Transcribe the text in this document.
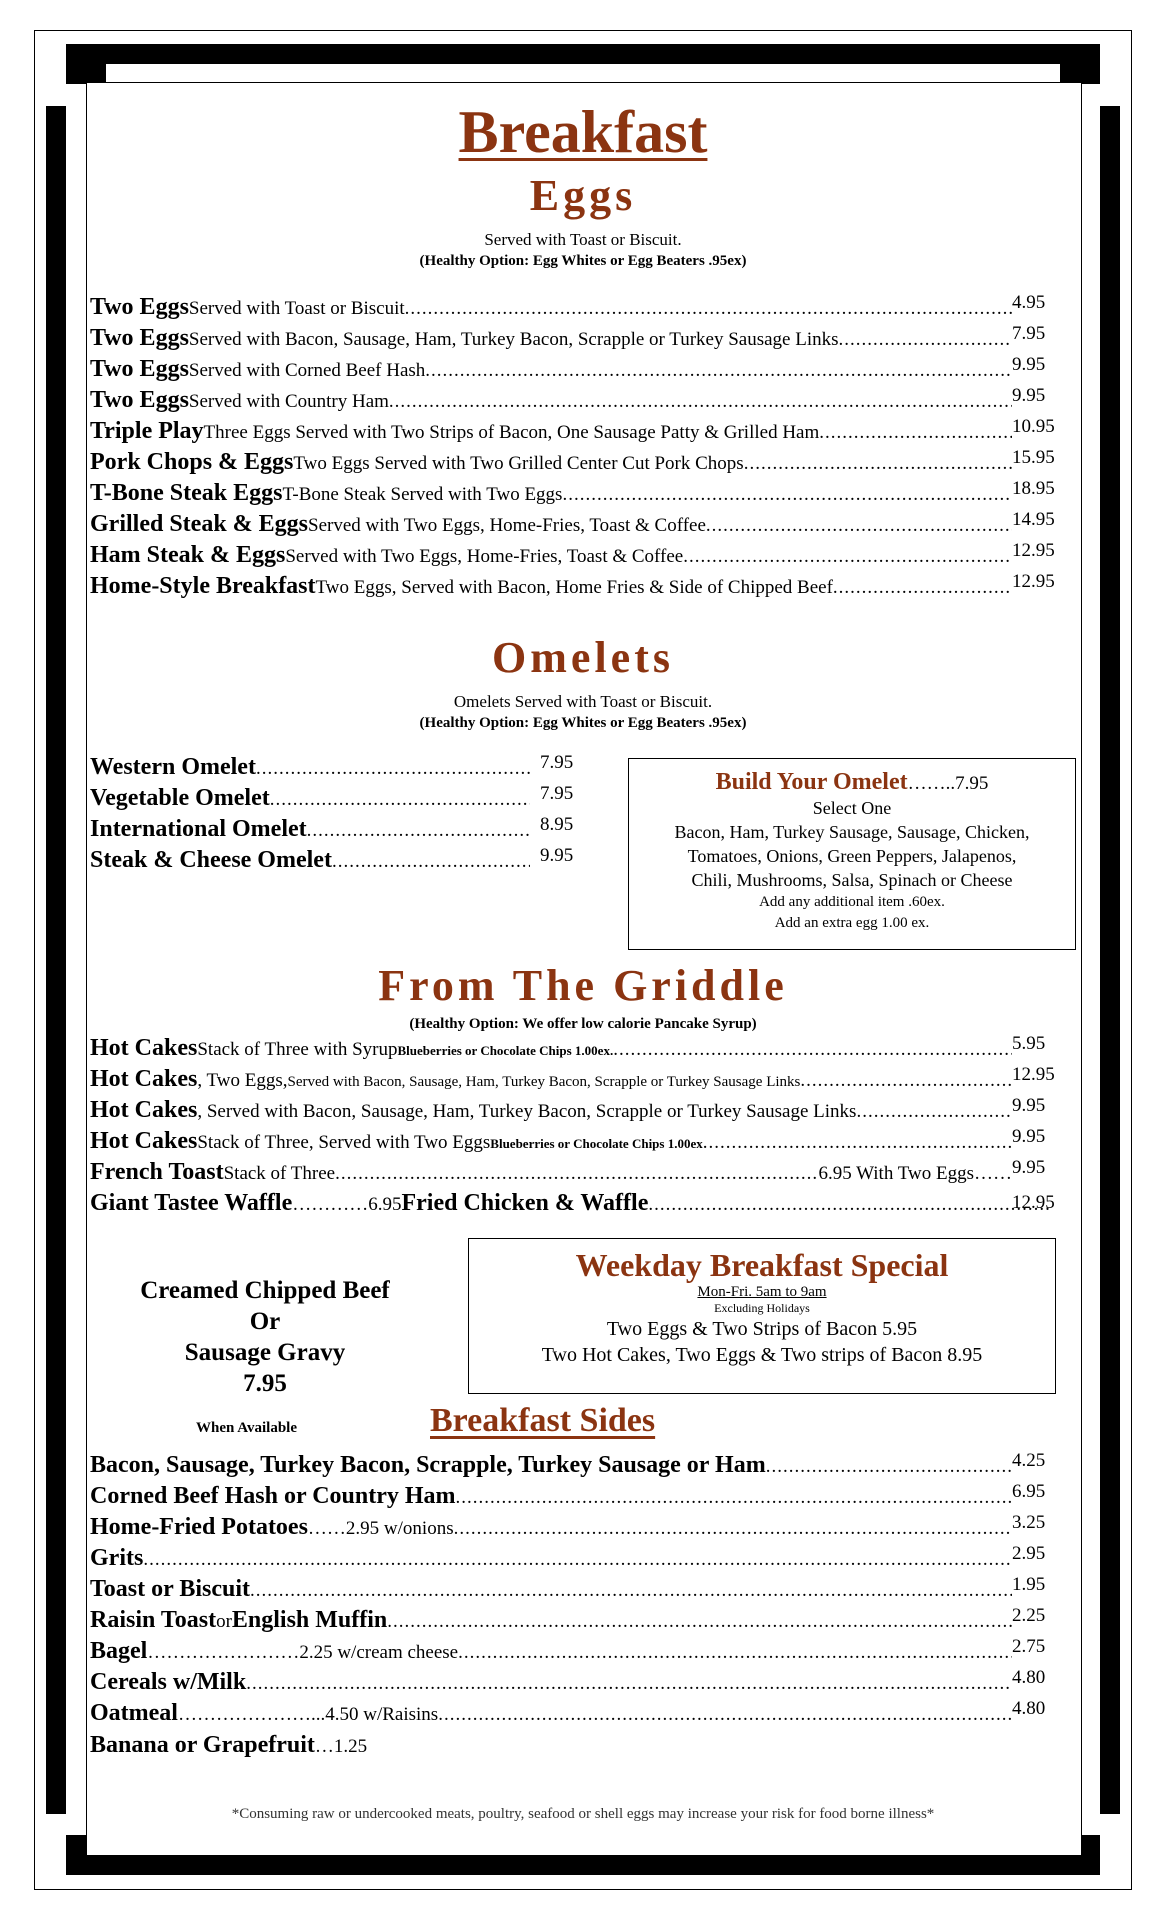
Breakfast
Eggs
Served with Toast or Biscuit.
(Healthy Option: Egg Whites or Egg Beaters .95ex)
Two Eggs Served with Toast or Biscuit .....	4.95
Two Eggs Served with Bacon, Sausage, Ham, Turkey Bacon, Scrapple or Turkey Sausage Links .....	7.95
Two Eggs Served with Corned Beef Hash .....	9.95
Two Eggs Served with Country Ham .....	9.95
Triple Play Three Eggs Served with Two Strips of Bacon, One Sausage Patty & Grilled Ham .....	10.95
Pork Chops & Eggs Two Eggs Served with Two Grilled Center Cut Pork Chops .....	15.95
T-Bone Steak Eggs T-Bone Steak Served with Two Eggs .....	18.95
Grilled Steak & Eggs Served with Two Eggs, Home-Fries, Toast & Coffee .....	14.95
Ham Steak & Eggs Served with Two Eggs, Home-Fries, Toast & Coffee .....	12.95
Home-Style Breakfast Two Eggs, Served with Bacon, Home Fries & Side of Chipped Beef .....	12.95
Omelets
Omelets Served with Toast or Biscuit.
(Healthy Option: Egg Whites or Egg Beaters .95ex)
Western Omelet .....	7.95
Vegetable Omelet .....	7.95
International Omelet .....	8.95
Steak & Cheese Omelet .....	9.95
Build Your Omelet……..7.95
Select One
Bacon, Ham, Turkey Sausage, Sausage, Chicken,
Tomatoes, Onions, Green Peppers, Jalapenos,
Chili, Mushrooms, Salsa, Spinach or Cheese
Add any additional item .60ex.
Add an extra egg 1.00 ex.
From The Griddle
(Healthy Option: We offer low calorie Pancake Syrup)
Hot Cakes Stack of Three with Syrup Blueberries or Chocolate Chips 1.00ex. .....	5.95
Hot Cakes , Two Eggs, Served with Bacon, Sausage, Ham, Turkey Bacon, Scrapple or Turkey Sausage Links .....	12.95
Hot Cakes , Served with Bacon, Sausage, Ham, Turkey Bacon, Scrapple or Turkey Sausage Links .....	9.95
Hot Cakes Stack of Three, Served with Two Eggs Blueberries or Chocolate Chips 1.00ex .....	9.95
French Toast Stack of Three .....	6.95 With Two Eggs …… 9.95
Giant Tastee Waffle ………… 6.95 Fried Chicken & Waffle .....	12.95
Creamed Chipped Beef
Or
Sausage Gravy
7.95
When Available
Weekday Breakfast Special
Mon-Fri. 5am to 9am
Excluding Holidays
Two Eggs & Two Strips of Bacon 5.95
Two Hot Cakes, Two Eggs & Two strips of Bacon 8.95
Breakfast Sides
Bacon, Sausage, Turkey Bacon, Scrapple, Turkey Sausage or Ham .....	4.25
Corned Beef Hash or Country Ham .....	6.95
Home-Fried Potatoes …… 2.95 w/onions .....	3.25
Grits .....	2.95
Toast or Biscuit .....	1.95
Raisin Toast or English Muffin .....	2.25
Bagel …………………… 2.25 w/cream cheese .....	2.75
Cereals w/Milk .....	4.80
Oatmeal …………………... 4.50 w/Raisins .....	4.80
Banana or Grapefruit …1.25
*Consuming raw or undercooked meats, poultry, seafood or shell eggs may increase your risk for food borne illness*
